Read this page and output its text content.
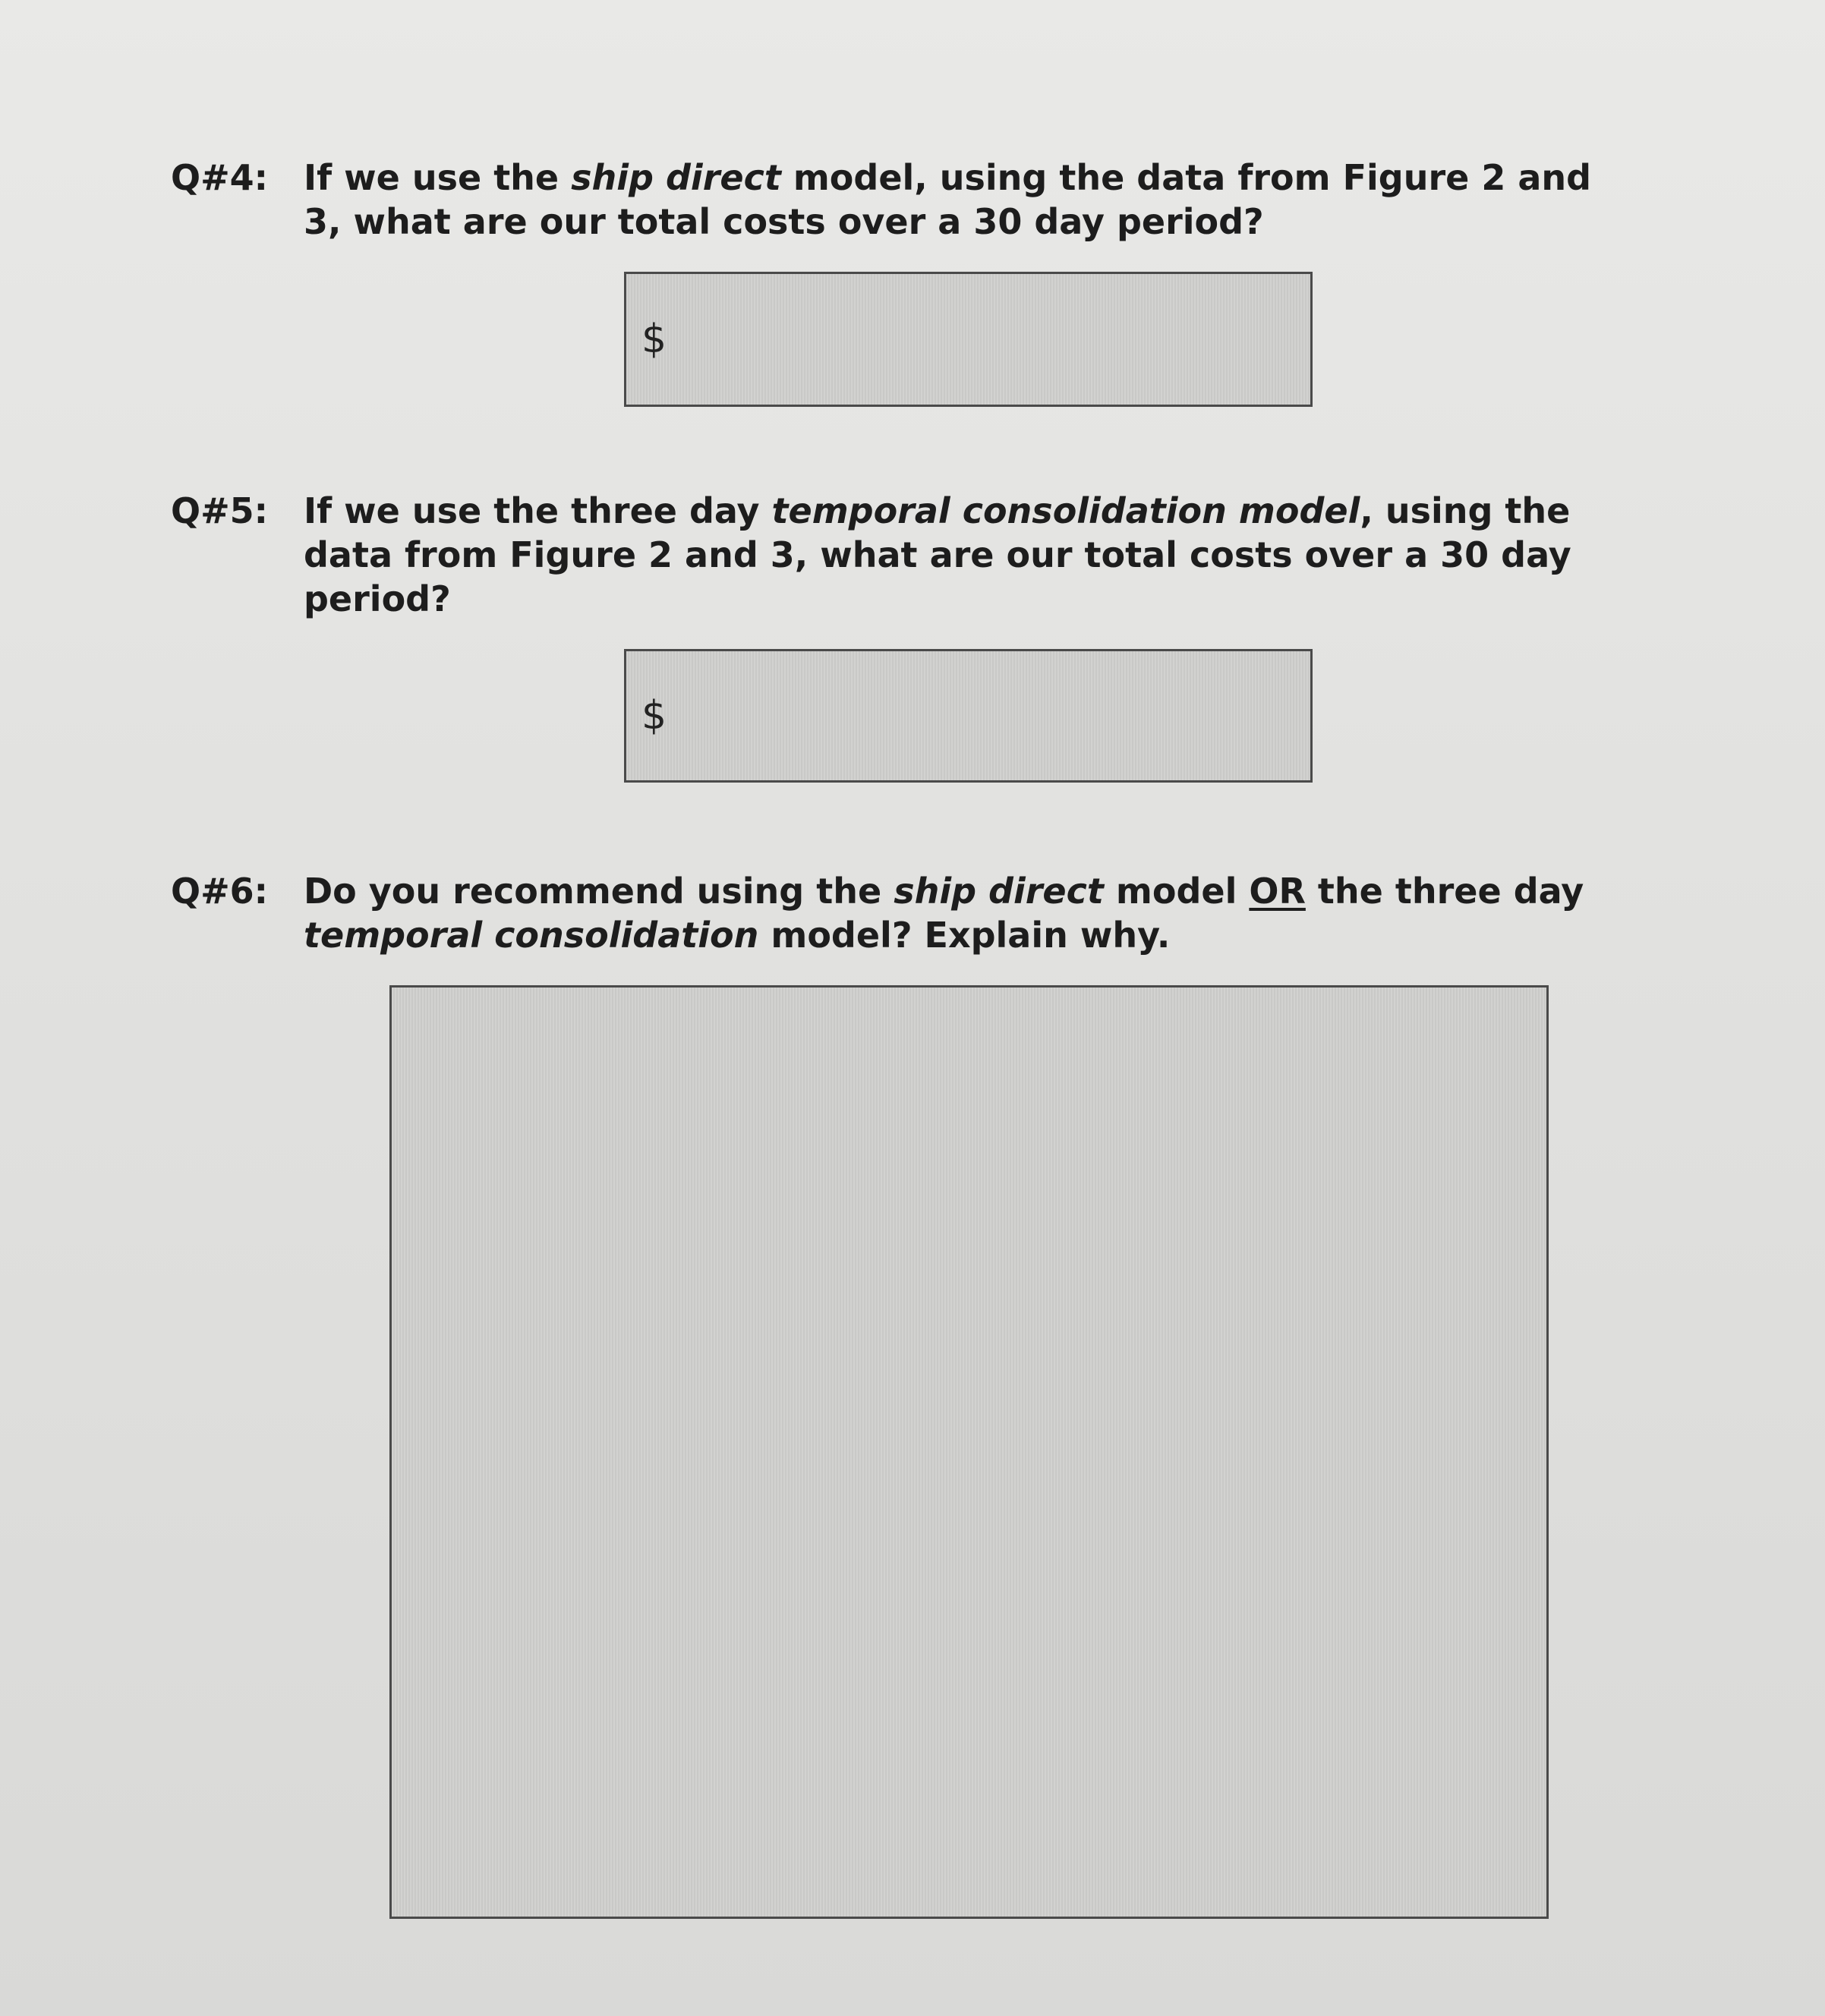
Q#4:	If we use the ship direct model, using the data from Figure 2 and 3, what are our total costs over a 30 day period?
$
Q#5:	If we use the three day temporal consolidation model, using the data from Figure 2 and 3, what are our total costs over a 30 day period?
$
Q#6:	Do you recommend using the ship direct model OR the three day temporal consolidation model? Explain why.
